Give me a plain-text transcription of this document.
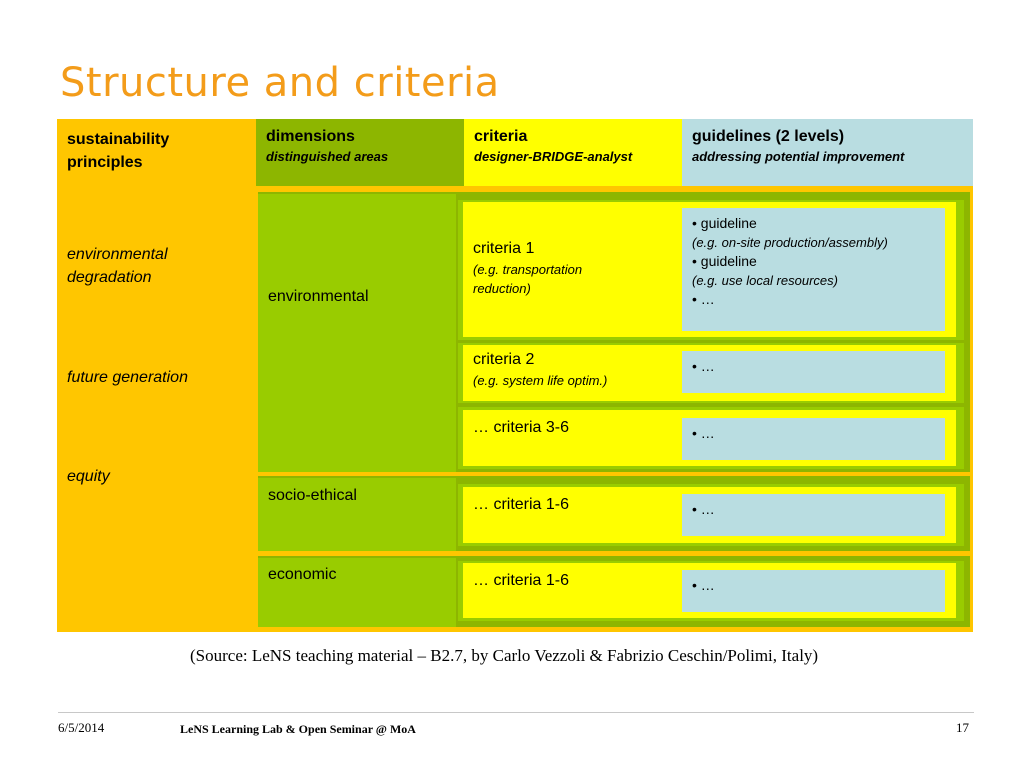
Structure and criteria
sustainability principles
dimensions
distinguished areas
criteria
designer-BRIDGE-analyst
guidelines (2 levels)
addressing potential improvement
environmental degradation
future generation
equity
environmental
socio-ethical
economic
criteria 1
(e.g. transportation reduction)
criteria 2
(e.g. system life optim.)
… criteria 3-6
… criteria 1-6
… criteria 1-6
• guideline
(e.g. on-site production/assembly)
• guideline
(e.g. use local resources)
• …
• …
• …
• …
• …
(Source: LeNS teaching material – B2.7, by Carlo Vezzoli & Fabrizio Ceschin/Polimi, Italy)
6/5/2014	LeNS Learning Lab & Open Seminar @ MoA	17
